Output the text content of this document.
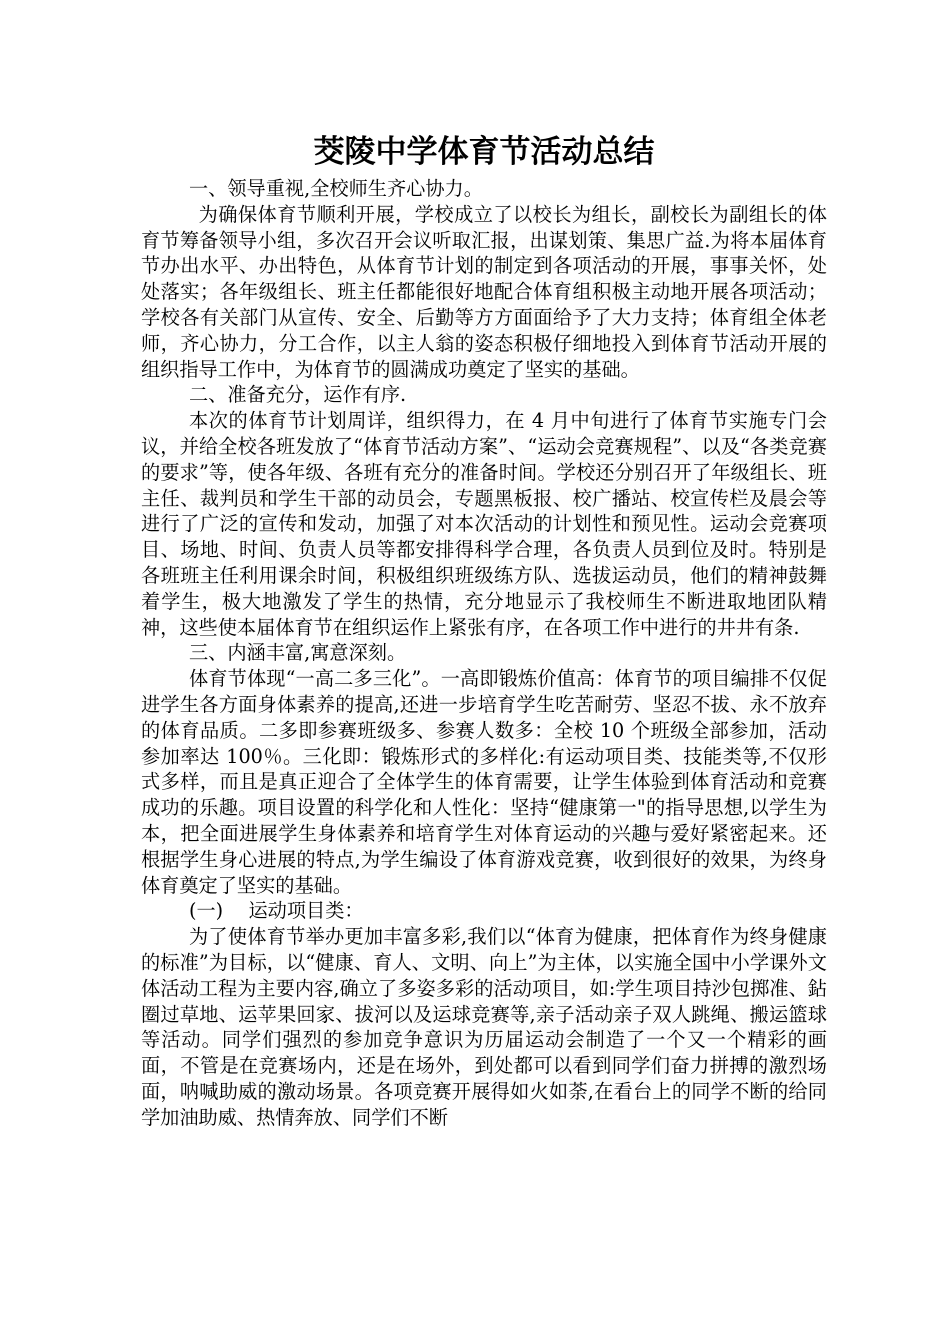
茭陵中学体育节活动总结

一、领导重视,全校师生齐心协力。

为确保体育节顺利开展，学校成立了以校长为组长，副校长为副组长的体育节筹备领导小组，多次召开会议听取汇报，出谋划策、集思广益.为将本届体育节办出水平、办出特色，从体育节计划的制定到各项活动的开展，事事关怀，处处落实；各年级组长、班主任都能很好地配合体育组积极主动地开展各项活动；学校各有关部门从宣传、安全、后勤等方方面面给予了大力支持；体育组全体老师，齐心协力，分工合作，以主人翁的姿态积极仔细地投入到体育节活动开展的组织指导工作中，为体育节的圆满成功奠定了坚实的基础。

二、准备充分，运作有序.

本次的体育节计划周详，组织得力，在 4 月中旬进行了体育节实施专门会议，并给全校各班发放了“体育节活动方案”、“运动会竞赛规程”、以及“各类竞赛的要求”等，使各年级、各班有充分的准备时间。学校还分别召开了年级组长、班主任、裁判员和学生干部的动员会，专题黑板报、校广播站、校宣传栏及晨会等进行了广泛的宣传和发动，加强了对本次活动的计划性和预见性。运动会竞赛项目、场地、时间、负责人员等都安排得科学合理，各负责人员到位及时。特别是各班班主任利用课余时间，积极组织班级练方队、选拔运动员，他们的精神鼓舞着学生，极大地激发了学生的热情，充分地显示了我校师生不断进取地团队精神，这些使本届体育节在组织运作上紧张有序，在各项工作中进行的井井有条.

三、内涵丰富,寓意深刻。

体育节体现“一高二多三化”。一高即锻炼价值高：体育节的项目编排不仅促进学生各方面身体素养的提高,还进一步培育学生吃苦耐劳、坚忍不拔、永不放弃的体育品质。二多即参赛班级多、参赛人数多：全校 10 个班级全部参加，活动参加率达 100％。三化即：锻炼形式的多样化:有运动项目类、技能类等,不仅形式多样，而且是真正迎合了全体学生的体育需要，让学生体验到体育活动和竞赛成功的乐趣。项目设置的科学化和人性化：坚持“健康第一"的指导思想,以学生为本，把全面进展学生身体素养和培育学生对体育运动的兴趣与爱好紧密起来。还根据学生身心进展的特点,为学生编设了体育游戏竞赛，收到很好的效果，为终身体育奠定了坚实的基础。

(一)　 运动项目类：

为了使体育节举办更加丰富多彩,我们以“体育为健康，把体育作为终身健康的标准”为目标，以“健康、育人、文明、向上”为主体，以实施全国中小学课外文体活动工程为主要内容,确立了多姿多彩的活动项目，如:学生项目持沙包掷准、鉆圈过草地、运苹果回家、拔河以及运球竞赛等,亲子活动亲子双人跳绳、搬运篮球等活动。同学们强烈的参加竞争意识为历届运动会制造了一个又一个精彩的画面，不管是在竞赛场内，还是在场外，到处都可以看到同学们奋力拼搏的激烈场面，呐喊助威的激动场景。各项竞赛开展得如火如荼,在看台上的同学不断的给同学加油助威、热情奔放、同学们不断
